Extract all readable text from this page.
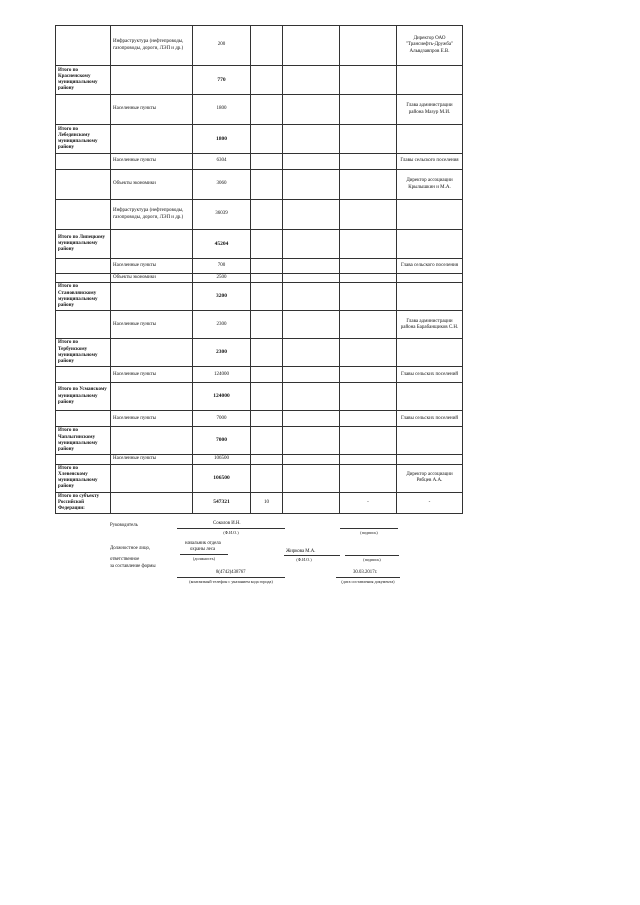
	Инфраструктура (нефтепроводы, газопроводы, дороги, ЛЭП и др.)	200				Директор ОАО "Трансиефть-Дружба" Альвдзавпров Е.В.
Итого по Красненскому муниципальному району		770				
	Населенные пункты	1800				Глава администрации района Мазур М.И.
Итого по Лебедянскому муниципальному району		1800				
	Населенные пункты	6304				Главы сельского поселения
	Объекты экономики	3060				Директор ассоциации Крылышкин и М.А.
	Инфраструктура (нефтепроводы, газопроводы, дороги, ЛЭП и др.)	36039				
Итого по Липецкому муниципальному району		45204				
	Населенные пункты	700				Глава сельского поселения
	Объекты экономики	2500				
Итого по Становлянскому муниципальному району		3200				
	Населенные пункты	2300				Глава администрации района Барабанщиков С.Н.
Итого по Тербунскому муниципальному району		2300				
	Населенные пункты	124000				Главы сельских поселений
Итого по Усманскому муниципальному району		124000				
	Населенные пункты	7000				Главы сельских поселений
Итого по Чаплыгинскому муниципальному району		7000				
	Населенные пункты	106500				
Итого по Хлевенскому муниципальному району		106500				Директор ассоциации Рябцев А.А.
Итого по субъекту Российской Федерации:		547321	10		-	-
Руководитель	Соколов И.Н.
(Ф.И.О.)	(подпись)
Должностное лицо,
ответственное
за составление формы
начальник отдела
охраны леса
(должность)
Жиркова М.А.
(Ф.И.О.)	(подпись)
8(4742)438767
(контактный телефон с указанием кода города)
30.03.2017г.
(дата составления документа)
